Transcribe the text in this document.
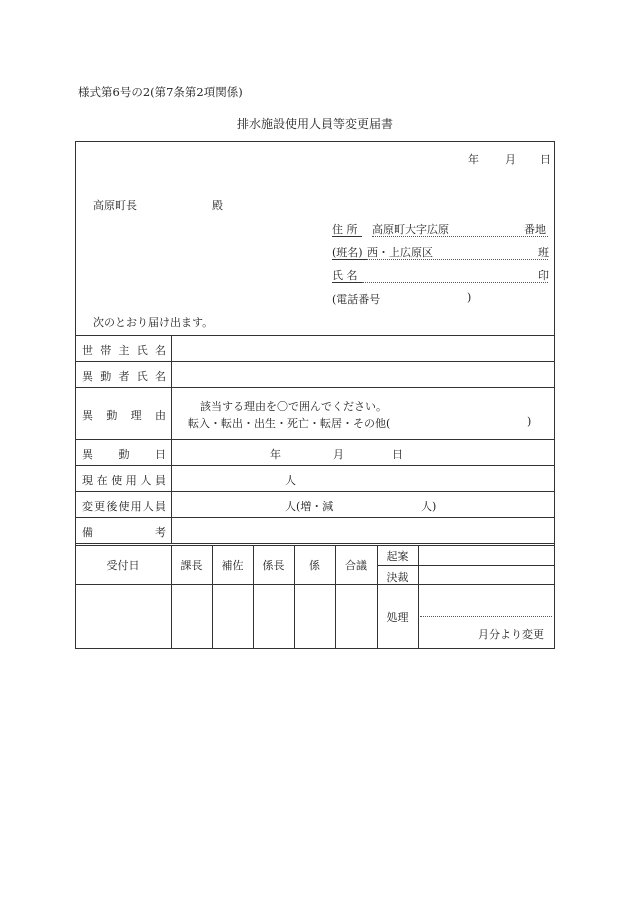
様式第6号の2(第7条第2項関係)
排水施設使用人員等変更届書
年 月 日
高原町長	殿
住 所 高原町大字広原	番地
(班名) 西・上広原区	班
氏 名	印
(電話番号	)
次のとおり届け出ます。
世 帯 主 氏 名
異 動 者 氏 名
異 動 理 由
該当する理由を〇で囲んでください。
転入・転出・出生・死亡・転居・その他(	)
異 動 日	年	月	日
現 在 使 用 人 員	人
変 更 後 使 用 人 員	人(増・減	人)
備	考
受付日	課長	補佐	係長	係	合議
起案
決裁
処理
月分より変更
